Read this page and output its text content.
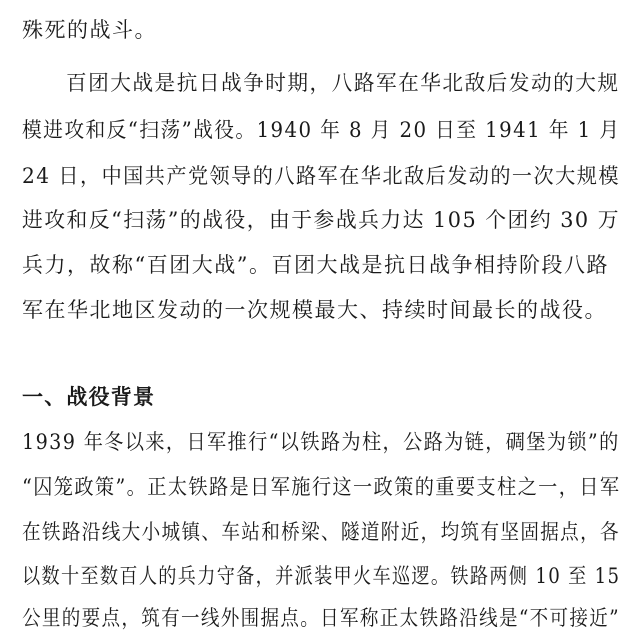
殊死的战斗。
百团大战是抗日战争时期，八路军在华北敌后发动的大规
模进攻和反“扫荡”战役。1940 年 8 月 20 日至 1941 年 1 月
24 日，中国共产党领导的八路军在华北敌后发动的一次大规模
进攻和反“扫荡”的战役，由于参战兵力达 105 个团约 30 万
兵力，故称“百团大战”。百团大战是抗日战争相持阶段八路
军在华北地区发动的一次规模最大、持续时间最长的战役。
一、战役背景
1939 年冬以来，日军推行“以铁路为柱，公路为链，碉堡为锁”的
“囚笼政策”。正太铁路是日军施行这一政策的重要支柱之一，日军
在铁路沿线大小城镇、车站和桥梁、隧道附近，均筑有坚固据点，各
以数十至数百人的兵力守备，并派装甲火车巡逻。铁路两侧 10 至 15
公里的要点，筑有一线外围据点。日军称正太铁路沿线是“不可接近”
